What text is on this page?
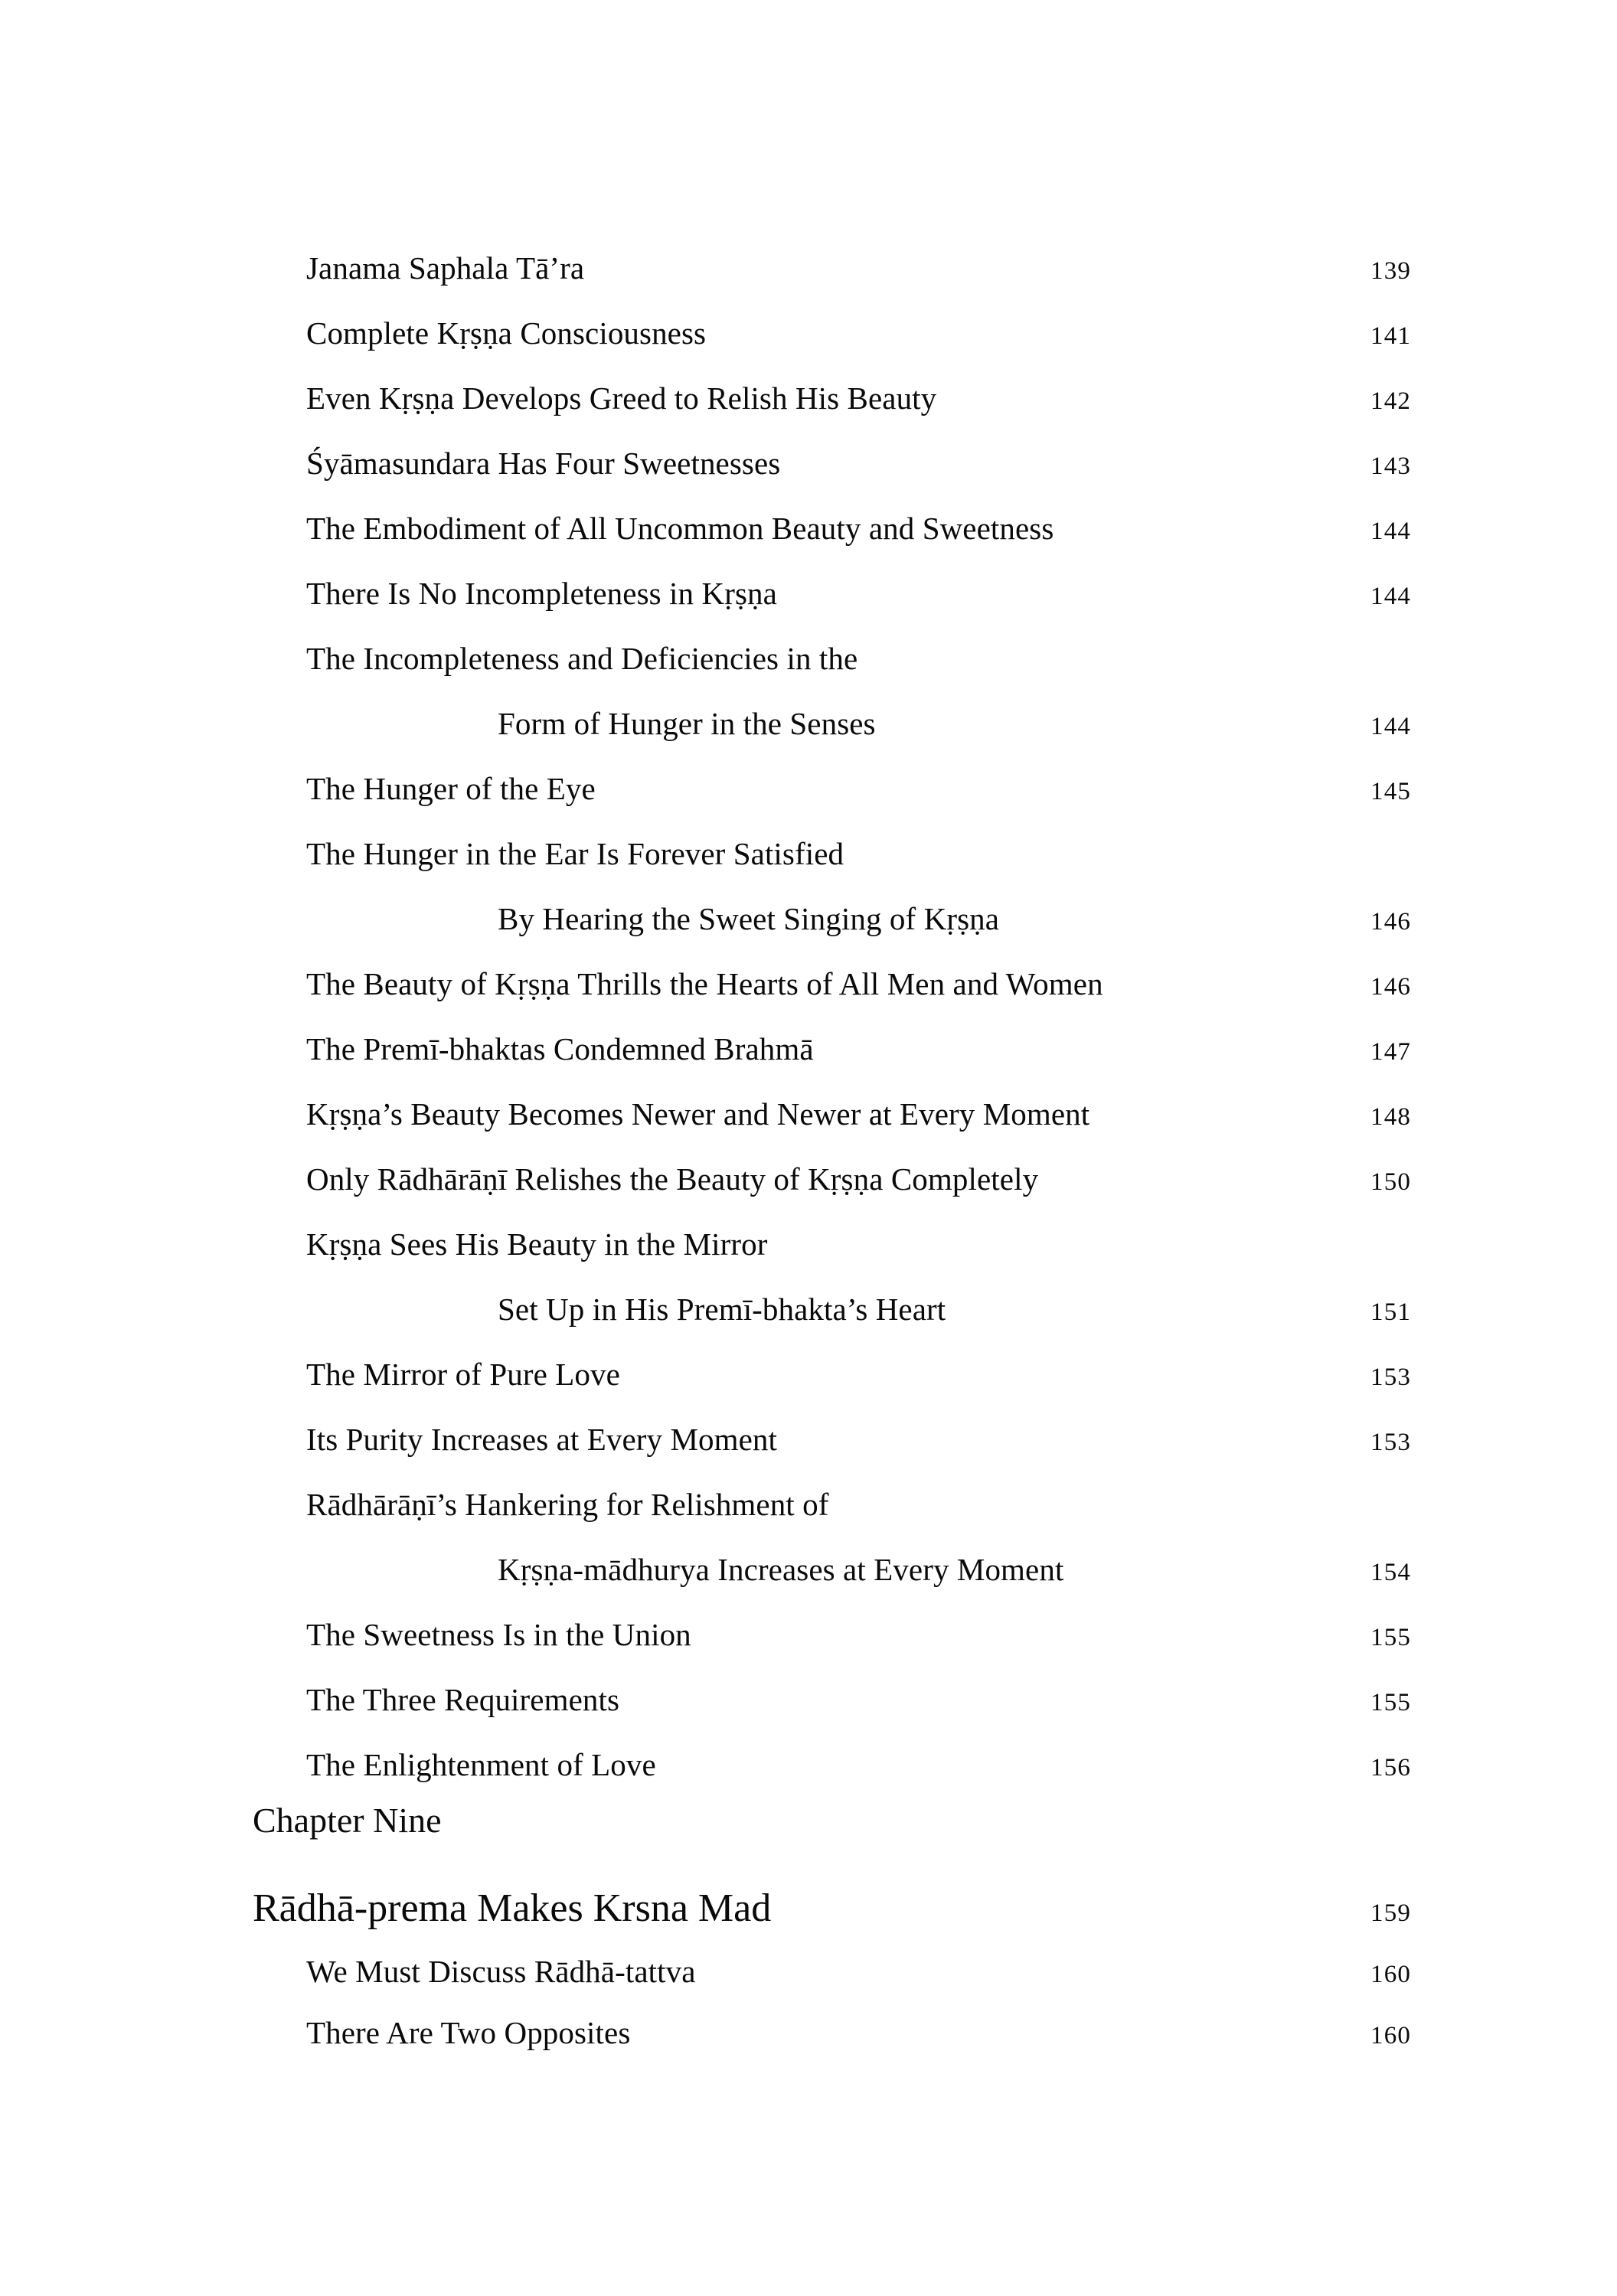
Janama Saphala Tā’ra	139
Complete Kṛṣṇa Consciousness	141
Even Kṛṣṇa Develops Greed to Relish His Beauty	142
Śyāmasundara Has Four Sweetnesses	143
The Embodiment of All Uncommon Beauty and Sweetness	144
There Is No Incompleteness in Kṛṣṇa	144
The Incompleteness and Deficiencies in the
Form of Hunger in the Senses	144
The Hunger of the Eye	145
The Hunger in the Ear Is Forever Satisfied
By Hearing the Sweet Singing of Kṛṣṇa	146
The Beauty of Kṛṣṇa Thrills the Hearts of All Men and Women	146
The Premī-bhaktas Condemned Brahmā	147
Kṛṣṇa’s Beauty Becomes Newer and Newer at Every Moment	148
Only Rādhārāṇī Relishes the Beauty of Kṛṣṇa Completely	150
Kṛṣṇa Sees His Beauty in the Mirror
Set Up in His Premī-bhakta’s Heart	151
The Mirror of Pure Love	153
Its Purity Increases at Every Moment	153
Rādhārāṇī’s Hankering for Relishment of
Kṛṣṇa-mādhurya Increases at Every Moment	154
The Sweetness Is in the Union	155
The Three Requirements	155
The Enlightenment of Love	156
Chapter Nine
Rādhā-prema Makes Krsna Mad	159
We Must Discuss Rādhā-tattva	160
There Are Two Opposites	160
